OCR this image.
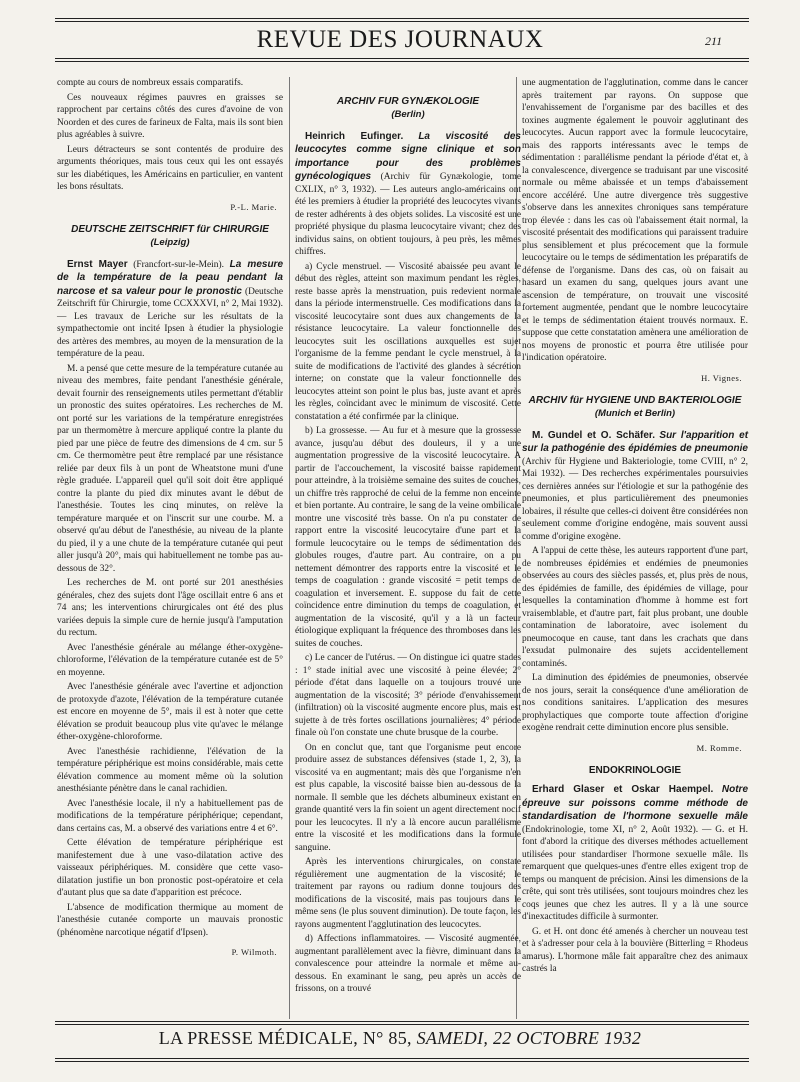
REVUE DES JOURNAUX	211

compte au cours de nombreux essais comparatifs.

Ces nouveaux régimes pauvres en graisses se rapprochent par certains côtés des cures d'avoine de von Noorden et des cures de farineux de Falta, mais ils sont bien plus agréables à suivre.

Leurs détracteurs se sont contentés de produire des arguments théoriques, mais tous ceux qui les ont essayés sur les diabétiques, les Américains en particulier, en vantent les bons résultats.

P.-L. Marie.
DEUTSCHE ZEITSCHRIFT für CHIRURGIE
(Leipzig)

Ernst Mayer (Francfort-sur-le-Mein). La mesure de la température de la peau pendant la narcose et sa valeur pour le pronostic (Deutsche Zeitschrift für Chirurgie, tome CCXXXVI, n° 2, Mai 1932). — Les travaux de Leriche sur les résultats de la sympathectomie ont incité Ipsen à étudier la physiologie des artères des membres, au moyen de la mensuration de la température de la peau.

M. a pensé que cette mesure de la température cutanée au niveau des membres, faite pendant l'anesthésie générale, devait fournir des renseignements utiles permettant d'établir un pronostic des suites opératoires. Les recherches de M. ont porté sur les variations de la température enregistrées par un thermomètre à mercure appliqué contre la plante du pied par une pièce de feutre des dimensions de 4 cm. sur 5 cm. Ce thermomètre peut être remplacé par une résistance reliée par deux fils à un pont de Wheatstone muni d'une règle graduée. L'appareil quel qu'il soit doit être appliqué contre la plante du pied dix minutes avant le début de l'anesthésie. Toutes les cinq minutes, on relève la température marquée et on l'inscrit sur une courbe. M. a observé qu'au début de l'anesthésie, au niveau de la plante du pied, il y a une chute de la température cutanée qui peut aller jusqu'à 20°, mais qui habituellement ne tombe pas au-dessous de 32°.

Les recherches de M. ont porté sur 201 anesthésies générales, chez des sujets dont l'âge oscillait entre 6 ans et 74 ans; les interventions chirurgicales ont été des plus variées depuis la simple cure de hernie jusqu'à l'amputation du rectum.

Avec l'anesthésie générale au mélange éther-oxygène-chloroforme, l'élévation de la température cutanée est de 5° en moyenne.

Avec l'anesthésie générale avec l'avertine et adjonction de protoxyde d'azote, l'élévation de la température cutanée est encore en moyenne de 5°, mais il est à noter que cette élévation se produit beaucoup plus vite qu'avec le mélange éther-oxygène-chloroforme.

Avec l'anesthésie rachidienne, l'élévation de la température périphérique est moins considérable, mais cette élévation commence au moment même où la solution anesthésiante pénètre dans le canal rachidien.

Avec l'anesthésie locale, il n'y a habituellement pas de modifications de la température périphérique; cependant, dans certains cas, M. a observé des variations entre 4 et 6°.

Cette élévation de température périphérique est manifestement due à une vaso-dilatation active des vaisseaux périphériques. M. considère que cette vaso-dilatation justifie un bon pronostic post-opératoire et cela d'autant plus que sa date d'apparition est précoce.

L'absence de modification thermique au moment de l'anesthésie cutanée comporte un mauvais pronostic (phénomène narcotique négatif d'Ipsen).

P. Wilmoth.
ARCHIV FUR GYNÆKOLOGIE
(Berlin)

Heinrich Eufinger. La viscosité des leucocytes comme signe clinique et son importance pour des problèmes gynécologiques (Archiv für Gynækologie, tome CXLIX, n° 3, 1932). — Les auteurs anglo-américains ont été les premiers à étudier la propriété des leucocytes vivants de rester adhérents à des objets solides. La viscosité est une propriété physique du plasma leucocytaire vivant; chez des individus sains, on obtient toujours, à peu près, les mêmes chiffres.

a) Cycle menstruel. — Viscosité abaissée peu avant le début des règles, atteint son maximum pendant les règles, reste basse après la menstruation, puis redevient normale dans la période intermenstruelle. Ces modifications dans la viscosité leucocytaire sont dues aux changements de la résistance leucocytaire. La valeur fonctionnelle des leucocytes suit les oscillations auxquelles est sujet l'organisme de la femme pendant le cycle menstruel, à la suite de modifications de l'activité des glandes à sécrétion interne; on constate que la valeur fonctionnelle des leucocytes atteint son point le plus bas, juste avant et après les règles, coïncidant avec le minimum de viscosité. Cette constatation a été confirmée par la clinique.

b) La grossesse. — Au fur et à mesure que la grossesse avance, jusqu'au début des douleurs, il y a une augmentation progressive de la viscosité leucocytaire. A partir de l'accouchement, la viscosité baisse rapidement pour atteindre, à la troisième semaine des suites de couches, un chiffre très rapproché de celui de la femme non enceinte et bien portante. Au contraire, le sang de la veine ombilicale montre une viscosité très basse. On n'a pu constater de rapport entre la viscosité leucocytaire d'une part et la formule leucocytaire ou le temps de sédimentation des globules rouges, d'autre part. Au contraire, on a pu nettement démontrer des rapports entre la viscosité et le temps de coagulation : grande viscosité = petit temps de coagulation et inversement. E. suppose du fait de cette coïncidence entre diminution du temps de coagulation, et augmentation de la viscosité, qu'il y a là un facteur étiologique expliquant la fréquence des thromboses dans les suites de couches.

c) Le cancer de l'utérus. — On distingue ici quatre stades : 1° stade initial avec une viscosité à peine élevée; 2° période d'état dans laquelle on a toujours trouvé une augmentation de la viscosité; 3° période d'envahissement (infiltration) où la viscosité augmente encore plus, mais est sujette à de très fortes oscillations journalières; 4° période finale où l'on constate une chute brusque de la courbe.

On en conclut que, tant que l'organisme peut encore produire assez de substances défensives (stade 1, 2, 3), la viscosité va en augmentant; mais dès que l'organisme n'en est plus capable, la viscosité baisse bien au-dessous de la normale. Il semble que les déchets albumineux existant en grande quantité vers la fin soient un agent directement nocif pour les leucocytes. Il n'y a là encore aucun parallélisme entre la viscosité et les modifications dans la formule sanguine.

Après les interventions chirurgicales, on constate régulièrement une augmentation de la viscosité; le traitement par rayons ou radium donne toujours des modifications de la viscosité, mais pas toujours dans le même sens (le plus souvent diminution). De toute façon, les rayons augmentent l'agglutination des leucocytes.

d) Affections inflammatoires. — Viscosité augmentée, augmentant parallèlement avec la fièvre, diminuant dans la convalescence pour atteindre la normale et même au-dessous. En examinant le sang, peu après un accès de frissons, on a trouvé

une augmentation de l'agglutination, comme dans le cancer après traitement par rayons. On suppose que l'envahissement de l'organisme par des bacilles et des toxines augmente également le pouvoir agglutinant des leucocytes. Aucun rapport avec la formule leucocytaire, mais des rapports intéressants avec le temps de sédimentation : parallélisme pendant la période d'état et, à la convalescence, divergence se traduisant par une viscosité normale ou même abaissée et un temps d'abaissement encore accéléré. Une autre divergence très suggestive s'observe dans les annexites chroniques sans température trop élevée : dans les cas où l'abaissement était normal, la viscosité présentait des modifications qui paraissent traduire plus sensiblement et plus précocement que la formule leucocytaire ou le temps de sédimentation les préparatifs de défense de l'organisme. Dans des cas, où on faisait au hasard un examen du sang, quelques jours avant une ascension de température, on trouvait une viscosité fortement augmentée, pendant que le nombre leucocytaire et le temps de sédimentation étaient trouvés normaux. E. suppose que cette constatation amènera une amélioration de nos moyens de pronostic et pourra être utilisée pour l'indication opératoire.

H. Vignes.
ARCHIV für HYGIENE UND BAKTERIOLOGIE
(Munich et Berlin)

M. Gundel et O. Schäfer. Sur l'apparition et sur la pathogénie des épidémies de pneumonie (Archiv für Hygiene und Bakteriologie, tome CVIII, n° 2, Mai 1932). — Des recherches expérimentales poursuivies ces dernières années sur l'étiologie et sur la pathogénie des pneumonies, et plus particulièrement des pneumonies lobaires, il résulte que celles-ci doivent être considérées non seulement comme d'origine endogène, mais souvent aussi comme d'origine exogène.

A l'appui de cette thèse, les auteurs rapportent d'une part, de nombreuses épidémies et endémies de pneumonies observées au cours des siècles passés, et, plus près de nous, des épidémies de famille, des épidémies de village, pour lesquelles la contamination d'homme à homme est fort vraisemblable, et d'autre part, fait plus probant, une double contamination de laboratoire, avec isolement du pneumocoque en cause, tant dans les crachats que dans l'exsudat pulmonaire des sujets accidentellement contaminés.

La diminution des épidémies de pneumonies, observée de nos jours, serait la conséquence d'une amélioration de nos conditions sanitaires. L'application des mesures prophylactiques que comporte toute affection d'origine exogène rendrait cette diminution encore plus sensible.

M. Romme.
ENDOKRINOLOGIE

Erhard Glaser et Oskar Haempel. Notre épreuve sur poissons comme méthode de standardisation de l'hormone sexuelle mâle (Endokrinologie, tome XI, n° 2, Août 1932). — G. et H. font d'abord la critique des diverses méthodes actuellement utilisées pour standardiser l'hormone sexuelle mâle. Ils remarquent que quelques-unes d'entre elles exigent trop de temps ou manquent de précision. Ainsi les dimensions de la crête, qui sont très utilisées, sont toujours moindres chez les coqs jeunes que chez les autres. Il y a là une source d'inexactitudes difficile à surmonter.

G. et H. ont donc été amenés à chercher un nouveau test et à s'adresser pour cela à la bouvière (Bitterling = Rhodeus amarus). L'hormone mâle fait apparaître chez des animaux castrés la

LA PRESSE MÉDICALE, N° 85, SAMEDI, 22 OCTOBRE 1932
